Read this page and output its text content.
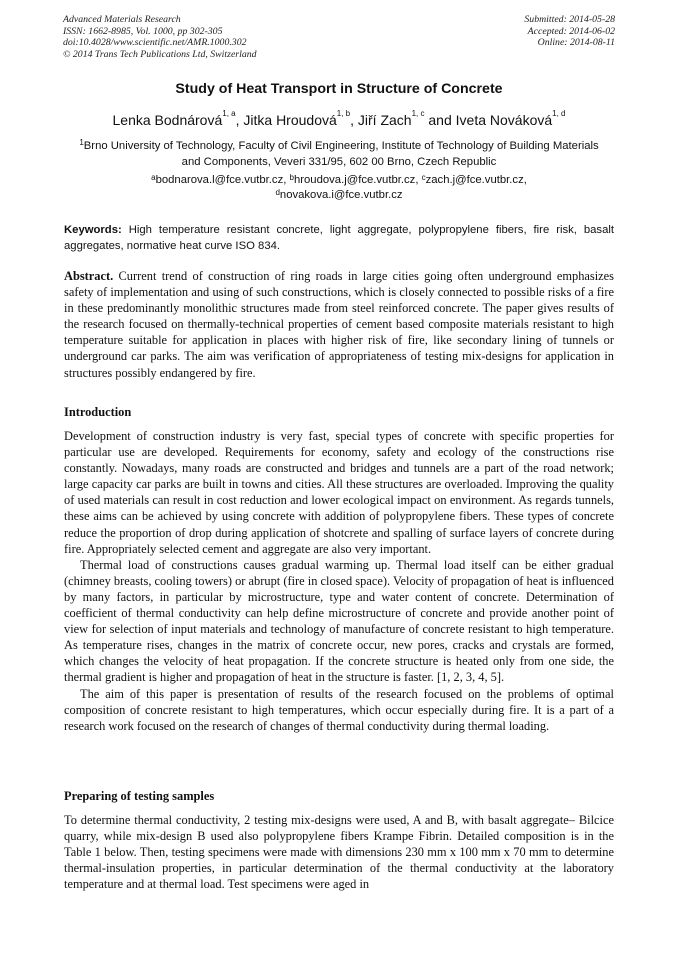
Advanced Materials Research
ISSN: 1662-8985, Vol. 1000, pp 302-305
doi:10.4028/www.scientific.net/AMR.1000.302
© 2014 Trans Tech Publications Ltd, Switzerland
Submitted: 2014-05-28
Accepted: 2014-06-02
Online: 2014-08-11
Study of Heat Transport in Structure of Concrete
Lenka Bodnárová$^{1, a}$, Jitka Hroudová$^{1, b}$, Jiří Zach$^{1, c}$ and Iveta Nováková$^{1, d}$
$^1$Brno University of Technology, Faculty of Civil Engineering, Institute of Technology of Building Materials and Components, Veveri 331/95, 602 00 Brno, Czech Republic
$^a$bodnarova.l@fce.vutbr.cz, $^b$hroudova.j@fce.vutbr.cz, $^c$zach.j@fce.vutbr.cz,
$^d$novakova.i@fce.vutbr.cz
Keywords: High temperature resistant concrete, light aggregate, polypropylene fibers, fire risk, basalt aggregates, normative heat curve ISO 834.

Abstract. Current trend of construction of ring roads in large cities going often underground emphasizes safety of implementation and using of such constructions, which is closely connected to possible risks of a fire in these predominantly monolithic structures made from steel reinforced concrete. The paper gives results of the research focused on thermally-technical properties of cement based composite materials resistant to high temperature suitable for application in places with higher risk of fire, like secondary lining of tunnels or underground car parks. The aim was verification of appropriateness of testing mix-designs for application in structures possibly endangered by fire.

Introduction

Development of construction industry is very fast, special types of concrete with specific properties for particular use are developed. Requirements for economy, safety and ecology of the constructions rise constantly. Nowadays, many roads are constructed and bridges and tunnels are a part of the road network; large capacity car parks are built in towns and cities. All these structures are overloaded. Improving the quality of used materials can result in cost reduction and lower ecological impact on environment. As regards tunnels, these aims can be achieved by using concrete with addition of polypropylene fibers. These types of concrete reduce the proportion of drop during application of shotcrete and spalling of surface layers of concrete during fire. Appropriately selected cement and aggregate are also very important.

Thermal load of constructions causes gradual warming up. Thermal load itself can be either gradual (chimney breasts, cooling towers) or abrupt (fire in closed space). Velocity of propagation of heat is influenced by many factors, in particular by microstructure, type and water content of concrete. Determination of coefficient of thermal conductivity can help define microstructure of concrete and provide another point of view for selection of input materials and technology of manufacture of concrete resistant to high temperature. As temperature rises, changes in the matrix of concrete occur, new pores, cracks and crystals are formed, which changes the velocity of heat propagation. If the concrete structure is heated only from one side, the thermal gradient is higher and propagation of heat in the structure is faster. [1, 2, 3, 4, 5].

The aim of this paper is presentation of results of the research focused on the problems of optimal composition of concrete resistant to high temperatures, which occur especially during fire. It is a part of a research work focused on the research of changes of thermal conductivity during thermal loading.

Preparing of testing samples

To determine thermal conductivity, 2 testing mix-designs were used, A and B, with basalt aggregate– Bilcice quarry, while mix-design B used also polypropylene fibers Krampe Fibrin. Detailed composition is in the Table 1 below. Then, testing specimens were made with dimensions 230 mm x 100 mm x 70 mm to determine thermal-insulation properties, in particular determination of the thermal conductivity at the laboratory temperature and at thermal load. Test specimens were aged in
